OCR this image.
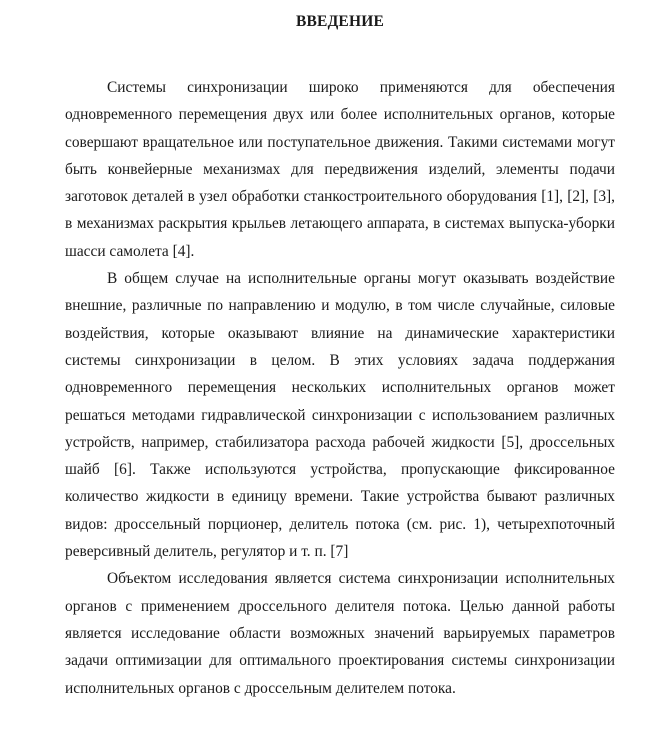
ВВЕДЕНИЕ

Системы синхронизации широко применяются для обеспечения одновременного перемещения двух или более исполнительных органов, которые совершают вращательное или поступательное движения. Такими системами могут быть конвейерные механизмах для передвижения изделий, элементы подачи заготовок деталей в узел обработки станкостроительного оборудования [1], [2], [3], в механизмах раскрытия крыльев летающего аппарата, в системах выпуска-уборки шасси самолета [4].

В общем случае на исполнительные органы могут оказывать воздействие внешние, различные по направлению и модулю, в том числе случайные, силовые воздействия, которые оказывают влияние на динамические характеристики системы синхронизации в целом. В этих условиях задача поддержания одновременного перемещения нескольких исполнительных органов может решаться методами гидравлической синхронизации с использованием различных устройств, например, стабилизатора расхода рабочей жидкости [5], дроссельных шайб [6]. Также используются устройства, пропускающие фиксированное количество жидкости в единицу времени. Такие устройства бывают различных видов: дроссельный порционер, делитель потока (см. рис. 1), четырехпоточный реверсивный делитель, регулятор и т. п. [7]

Объектом исследования является система синхронизации исполнительных органов с применением дроссельного делителя потока. Целью данной работы является исследование области возможных значений варьируемых параметров задачи оптимизации для оптимального проектирования системы синхронизации исполнительных органов с дроссельным делителем потока.
